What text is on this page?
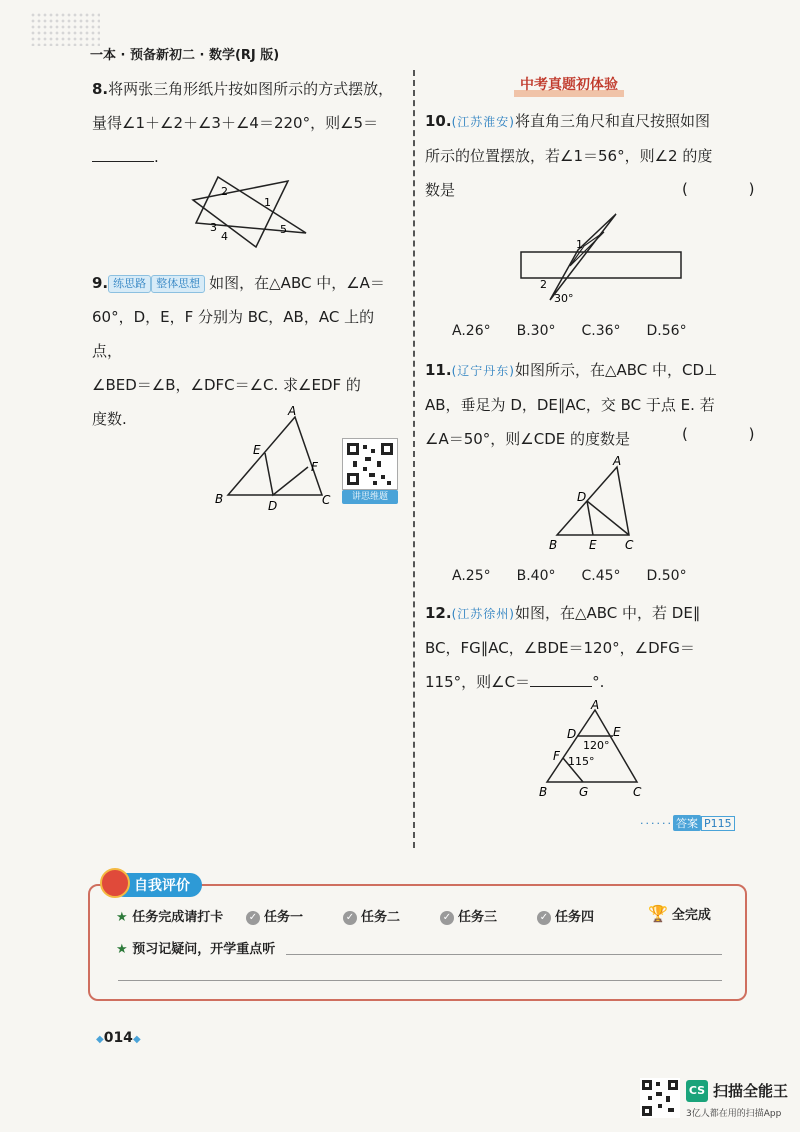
一本 · 预备新初二 · 数学(RJ 版)
8.将两张三角形纸片按如图所示的方式摆放，
量得∠1＋∠2＋∠3＋∠4＝220°，则∠5＝
.
1
2
3
4
5
9. 练思路 整体思想 如图，在△ABC 中，∠A＝
60°，D，E，F 分别为 BC，AB，AC 上的点，
∠BED＝∠B，∠DFC＝∠C. 求∠EDF 的
度数.	A
B	C
D
E
F
讲思维题
中考真题初体验
10.(江苏淮安)将直角三角尺和直尺按照如图
所示的位置摆放，若∠1＝56°，则∠2 的度
数是	( )
1
2
30°
A.26° B.30° C.36° D.56°
11.(辽宁丹东)如图所示，在△ABC 中，CD⊥
AB，垂足为 D，DE∥AC，交 BC 于点 E. 若
∠A＝50°，则∠CDE 的度数是	( )
A
B	C
D
E
A.25° B.40° C.45° D.50°
12.(江苏徐州)如图，在△ABC 中，若 DE∥
BC，FG∥AC，∠BDE＝120°，∠DFG＝
115°，则∠C＝	°.
A
B	C
D	E
F
G
120°
115°
······ 答案 P115
自我评价
★ 任务完成请打卡	✓ 任务一	✓ 任务二	✓ 任务三	✓ 任务四	🏆 全完成
★ 预习记疑问，开学重点听
◆014◆
CS 扫描全能王
3亿人都在用的扫描App
